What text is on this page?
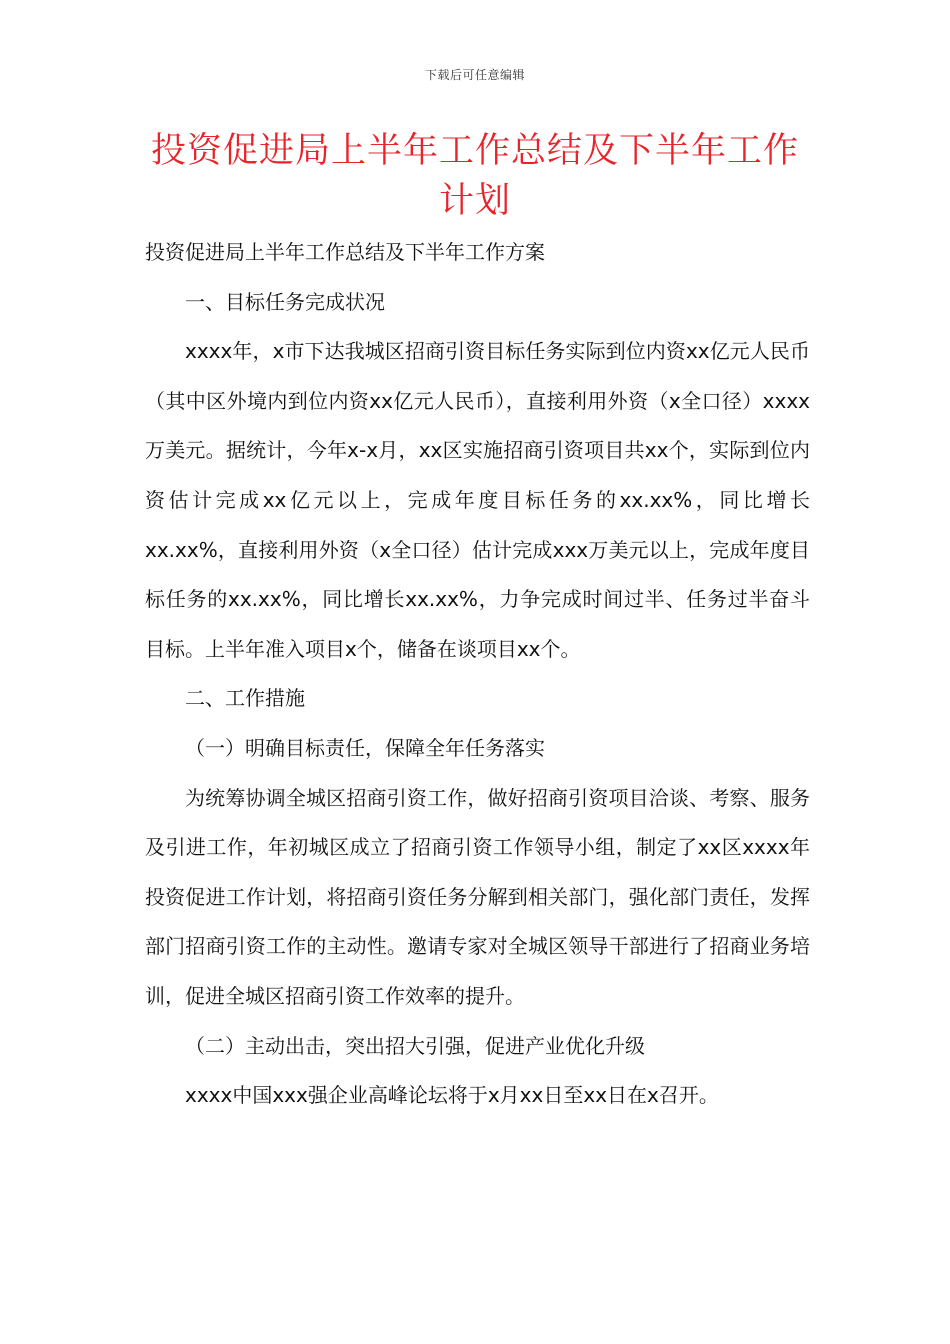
下载后可任意编辑
投资促进局上半年工作总结及下半年工作计划

投资促进局上半年工作总结及下半年工作方案

一、目标任务完成状况

xxxx年，x市下达我城区招商引资目标任务实际到位内资xx亿元人民币（其中区外境内到位内资xx亿元人民币），直接利用外资（x全口径）xxxx万美元。据统计，今年x-x月，xx区实施招商引资项目共xx个，实际到位内资估计完成xx亿元以上，完成年度目标任务的xx.xx%，同比增长xx.xx%，直接利用外资（x全口径）估计完成xxx万美元以上，完成年度目标任务的xx.xx%，同比增长xx.xx%，力争完成时间过半、任务过半奋斗目标。上半年准入项目x个，储备在谈项目xx个。

二、工作措施

（一）明确目标责任，保障全年任务落实

为统筹协调全城区招商引资工作，做好招商引资项目洽谈、考察、服务及引进工作，年初城区成立了招商引资工作领导小组，制定了xx区xxxx年投资促进工作计划，将招商引资任务分解到相关部门，强化部门责任，发挥部门招商引资工作的主动性。邀请专家对全城区领导干部进行了招商业务培训，促进全城区招商引资工作效率的提升。

（二）主动出击，突出招大引强，促进产业优化升级

xxxx中国xxx强企业高峰论坛将于x月xx日至xx日在x召开。
